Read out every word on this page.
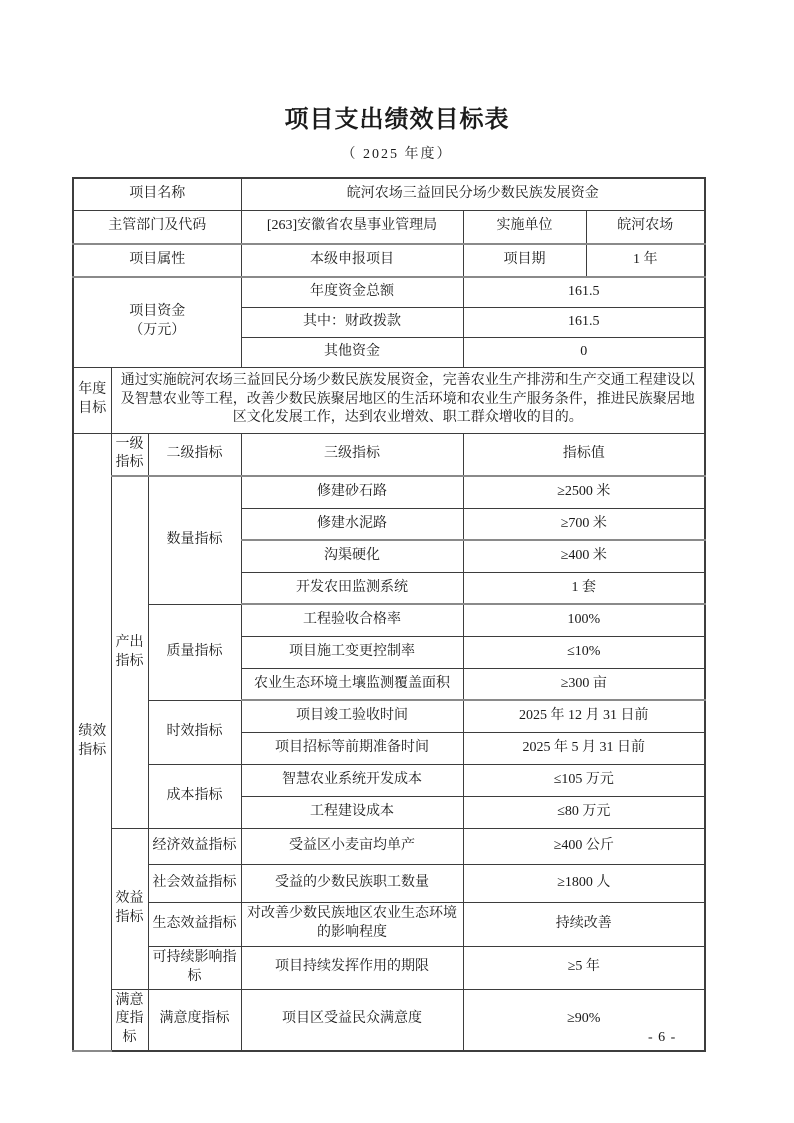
项目支出绩效目标表
（ 2025 年度）
项目名称			皖河农场三益回民分场少数民族发展资金		
主管部门及代码			[263]安徽省农垦事业管理局	实施单位	皖河农场
项目属性			本级申报项目	项目期	1 年

项目资金
（万元）			年度资金总额	161.5	
			其中：财政拨款	161.5	
			其他资金	0	
年度目标	通过实施皖河农场三益回民分场少数民族发展资金，完善农业生产排涝和生产交通工程建设以及智慧农业等工程，改善少数民族聚居地区的生活环境和农业生产服务条件，推进民族聚居地区文化发展工作，达到农业增效、职工群众增收的目的。				
绩效指标	一级指标	二级指标	三级指标	指标值	
	产出指标	数量指标	修建砂石路	≥2500 米	
			修建水泥路	≥700 米	
			沟渠硬化	≥400 米	
			开发农田监测系统	1 套	
		质量指标	工程验收合格率	100%	
			项目施工变更控制率	≤10%	
			农业生态环境土壤监测覆盖面积	≥300 亩	
		时效指标	项目竣工验收时间	2025 年 12 月 31 日前	
			项目招标等前期准备时间	2025 年 5 月 31 日前	
		成本指标	智慧农业系统开发成本	≤105 万元	
			工程建设成本	≤80 万元	
	效益指标	经济效益指标	受益区小麦亩均单产	≥400 公斤	
		社会效益指标	受益的少数民族职工数量	≥1800 人	
		生态效益指标	对改善少数民族地区农业生态环境的影响程度	持续改善	
		可持续影响指标	项目持续发挥作用的期限	≥5 年	
	满意度指标	满意度指标	项目区受益民众满意度	≥90%	
- 6 -
